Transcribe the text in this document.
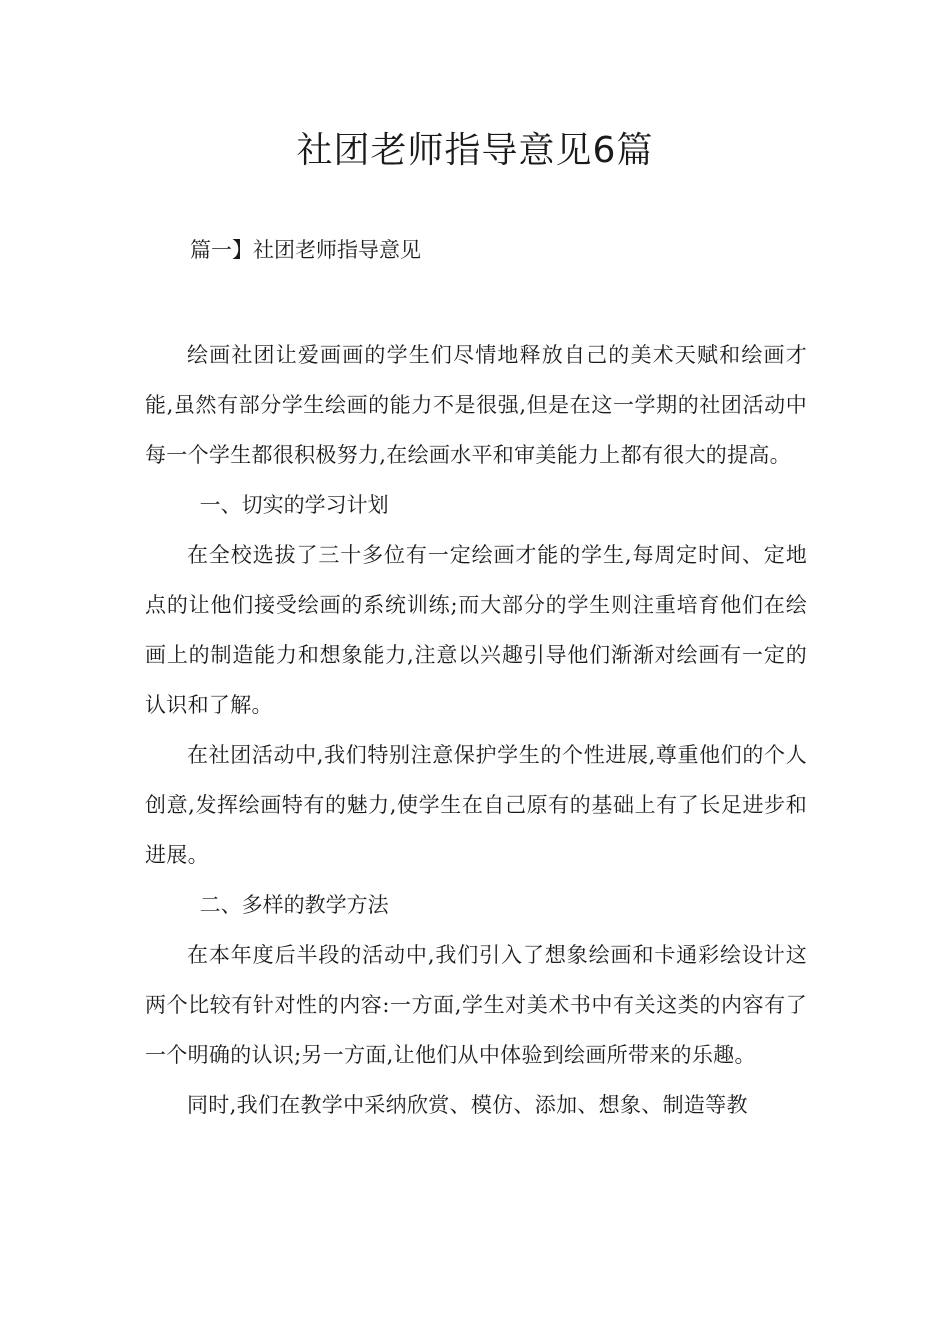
社团老师指导意见6篇
篇一】社团老师指导意见

绘画社团让爱画画的学生们尽情地释放自己的美术天赋和绘画才能,虽然有部分学生绘画的能力不是很强,但是在这一学期的社团活动中每一个学生都很积极努力,在绘画水平和审美能力上都有很大的提高。

一、切实的学习计划

在全校选拔了三十多位有一定绘画才能的学生,每周定时间、定地点的让他们接受绘画的系统训练;而大部分的学生则注重培育他们在绘画上的制造能力和想象能力,注意以兴趣引导他们渐渐对绘画有一定的认识和了解。

在社团活动中,我们特别注意保护学生的个性进展,尊重他们的个人创意,发挥绘画特有的魅力,使学生在自己原有的基础上有了长足进步和进展。

二、多样的教学方法

在本年度后半段的活动中,我们引入了想象绘画和卡通彩绘设计这两个比较有针对性的内容:一方面,学生对美术书中有关这类的内容有了一个明确的认识;另一方面,让他们从中体验到绘画所带来的乐趣。

同时,我们在教学中采纳欣赏、模仿、添加、想象、制造等教
